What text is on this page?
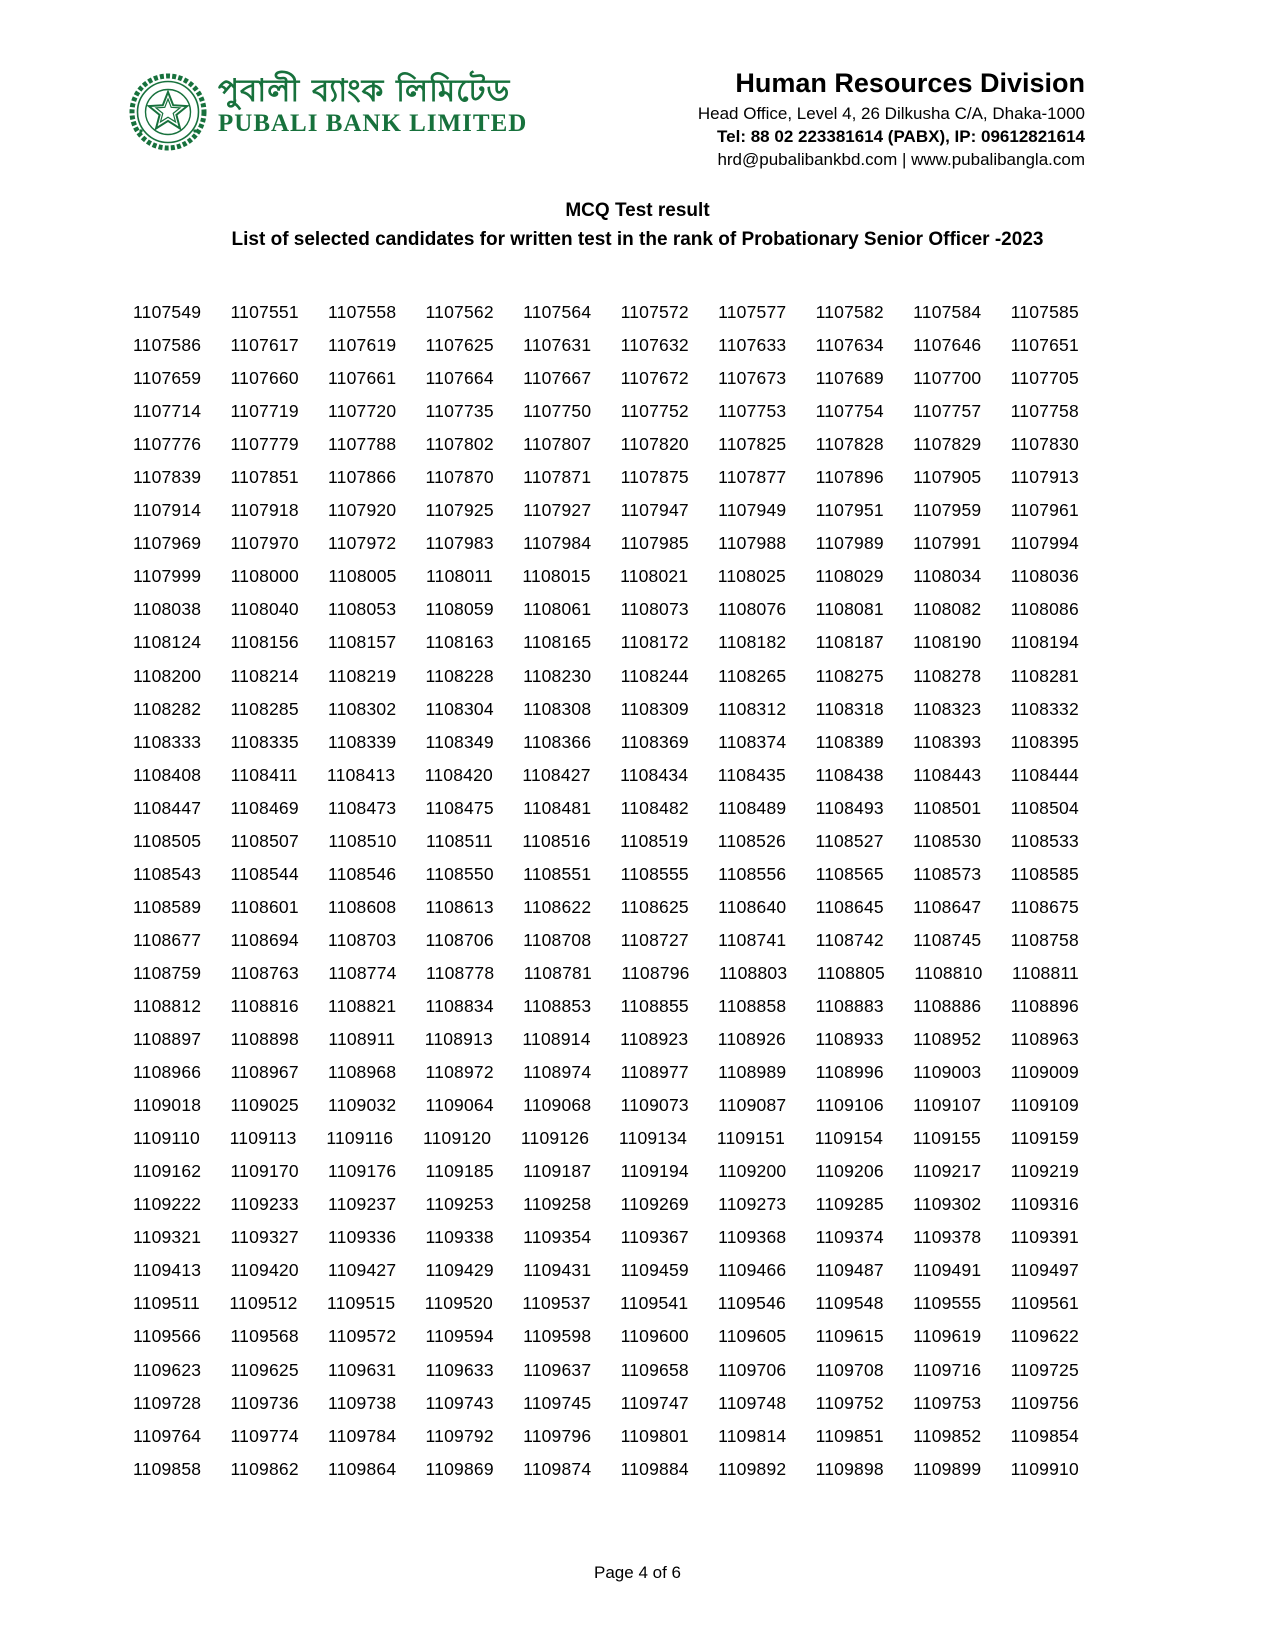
পুবালী ব্যাংক লিমিটেড
PUBALI BANK LIMITED
Human Resources Division
Head Office, Level 4, 26 Dilkusha C/A, Dhaka-1000
Tel: 88 02 223381614 (PABX), IP: 09612821614
hrd@pubalibankbd.com | www.pubalibangla.com
MCQ Test result
List of selected candidates for written test in the rank of Probationary Senior Officer -2023
1107549 1107551 1107558 1107562 1107564 1107572 1107577 1107582 1107584 1107585
1107586 1107617 1107619 1107625 1107631 1107632 1107633 1107634 1107646 1107651
1107659 1107660 1107661 1107664 1107667 1107672 1107673 1107689 1107700 1107705
1107714 1107719 1107720 1107735 1107750 1107752 1107753 1107754 1107757 1107758
1107776 1107779 1107788 1107802 1107807 1107820 1107825 1107828 1107829 1107830
1107839 1107851 1107866 1107870 1107871 1107875 1107877 1107896 1107905 1107913
1107914 1107918 1107920 1107925 1107927 1107947 1107949 1107951 1107959 1107961
1107969 1107970 1107972 1107983 1107984 1107985 1107988 1107989 1107991 1107994
1107999 1108000 1108005 1108011 1108015 1108021 1108025 1108029 1108034 1108036
1108038 1108040 1108053 1108059 1108061 1108073 1108076 1108081 1108082 1108086
1108124 1108156 1108157 1108163 1108165 1108172 1108182 1108187 1108190 1108194
1108200 1108214 1108219 1108228 1108230 1108244 1108265 1108275 1108278 1108281
1108282 1108285 1108302 1108304 1108308 1108309 1108312 1108318 1108323 1108332
1108333 1108335 1108339 1108349 1108366 1108369 1108374 1108389 1108393 1108395
1108408 1108411 1108413 1108420 1108427 1108434 1108435 1108438 1108443 1108444
1108447 1108469 1108473 1108475 1108481 1108482 1108489 1108493 1108501 1108504
1108505 1108507 1108510 1108511 1108516 1108519 1108526 1108527 1108530 1108533
1108543 1108544 1108546 1108550 1108551 1108555 1108556 1108565 1108573 1108585
1108589 1108601 1108608 1108613 1108622 1108625 1108640 1108645 1108647 1108675
1108677 1108694 1108703 1108706 1108708 1108727 1108741 1108742 1108745 1108758
1108759 1108763 1108774 1108778 1108781 1108796 1108803 1108805 1108810 1108811
1108812 1108816 1108821 1108834 1108853 1108855 1108858 1108883 1108886 1108896
1108897 1108898 1108911 1108913 1108914 1108923 1108926 1108933 1108952 1108963
1108966 1108967 1108968 1108972 1108974 1108977 1108989 1108996 1109003 1109009
1109018 1109025 1109032 1109064 1109068 1109073 1109087 1109106 1109107 1109109
1109110 1109113 1109116 1109120 1109126 1109134 1109151 1109154 1109155 1109159
1109162 1109170 1109176 1109185 1109187 1109194 1109200 1109206 1109217 1109219
1109222 1109233 1109237 1109253 1109258 1109269 1109273 1109285 1109302 1109316
1109321 1109327 1109336 1109338 1109354 1109367 1109368 1109374 1109378 1109391
1109413 1109420 1109427 1109429 1109431 1109459 1109466 1109487 1109491 1109497
1109511 1109512 1109515 1109520 1109537 1109541 1109546 1109548 1109555 1109561
1109566 1109568 1109572 1109594 1109598 1109600 1109605 1109615 1109619 1109622
1109623 1109625 1109631 1109633 1109637 1109658 1109706 1109708 1109716 1109725
1109728 1109736 1109738 1109743 1109745 1109747 1109748 1109752 1109753 1109756
1109764 1109774 1109784 1109792 1109796 1109801 1109814 1109851 1109852 1109854
1109858 1109862 1109864 1109869 1109874 1109884 1109892 1109898 1109899 1109910
Page 4 of 6
